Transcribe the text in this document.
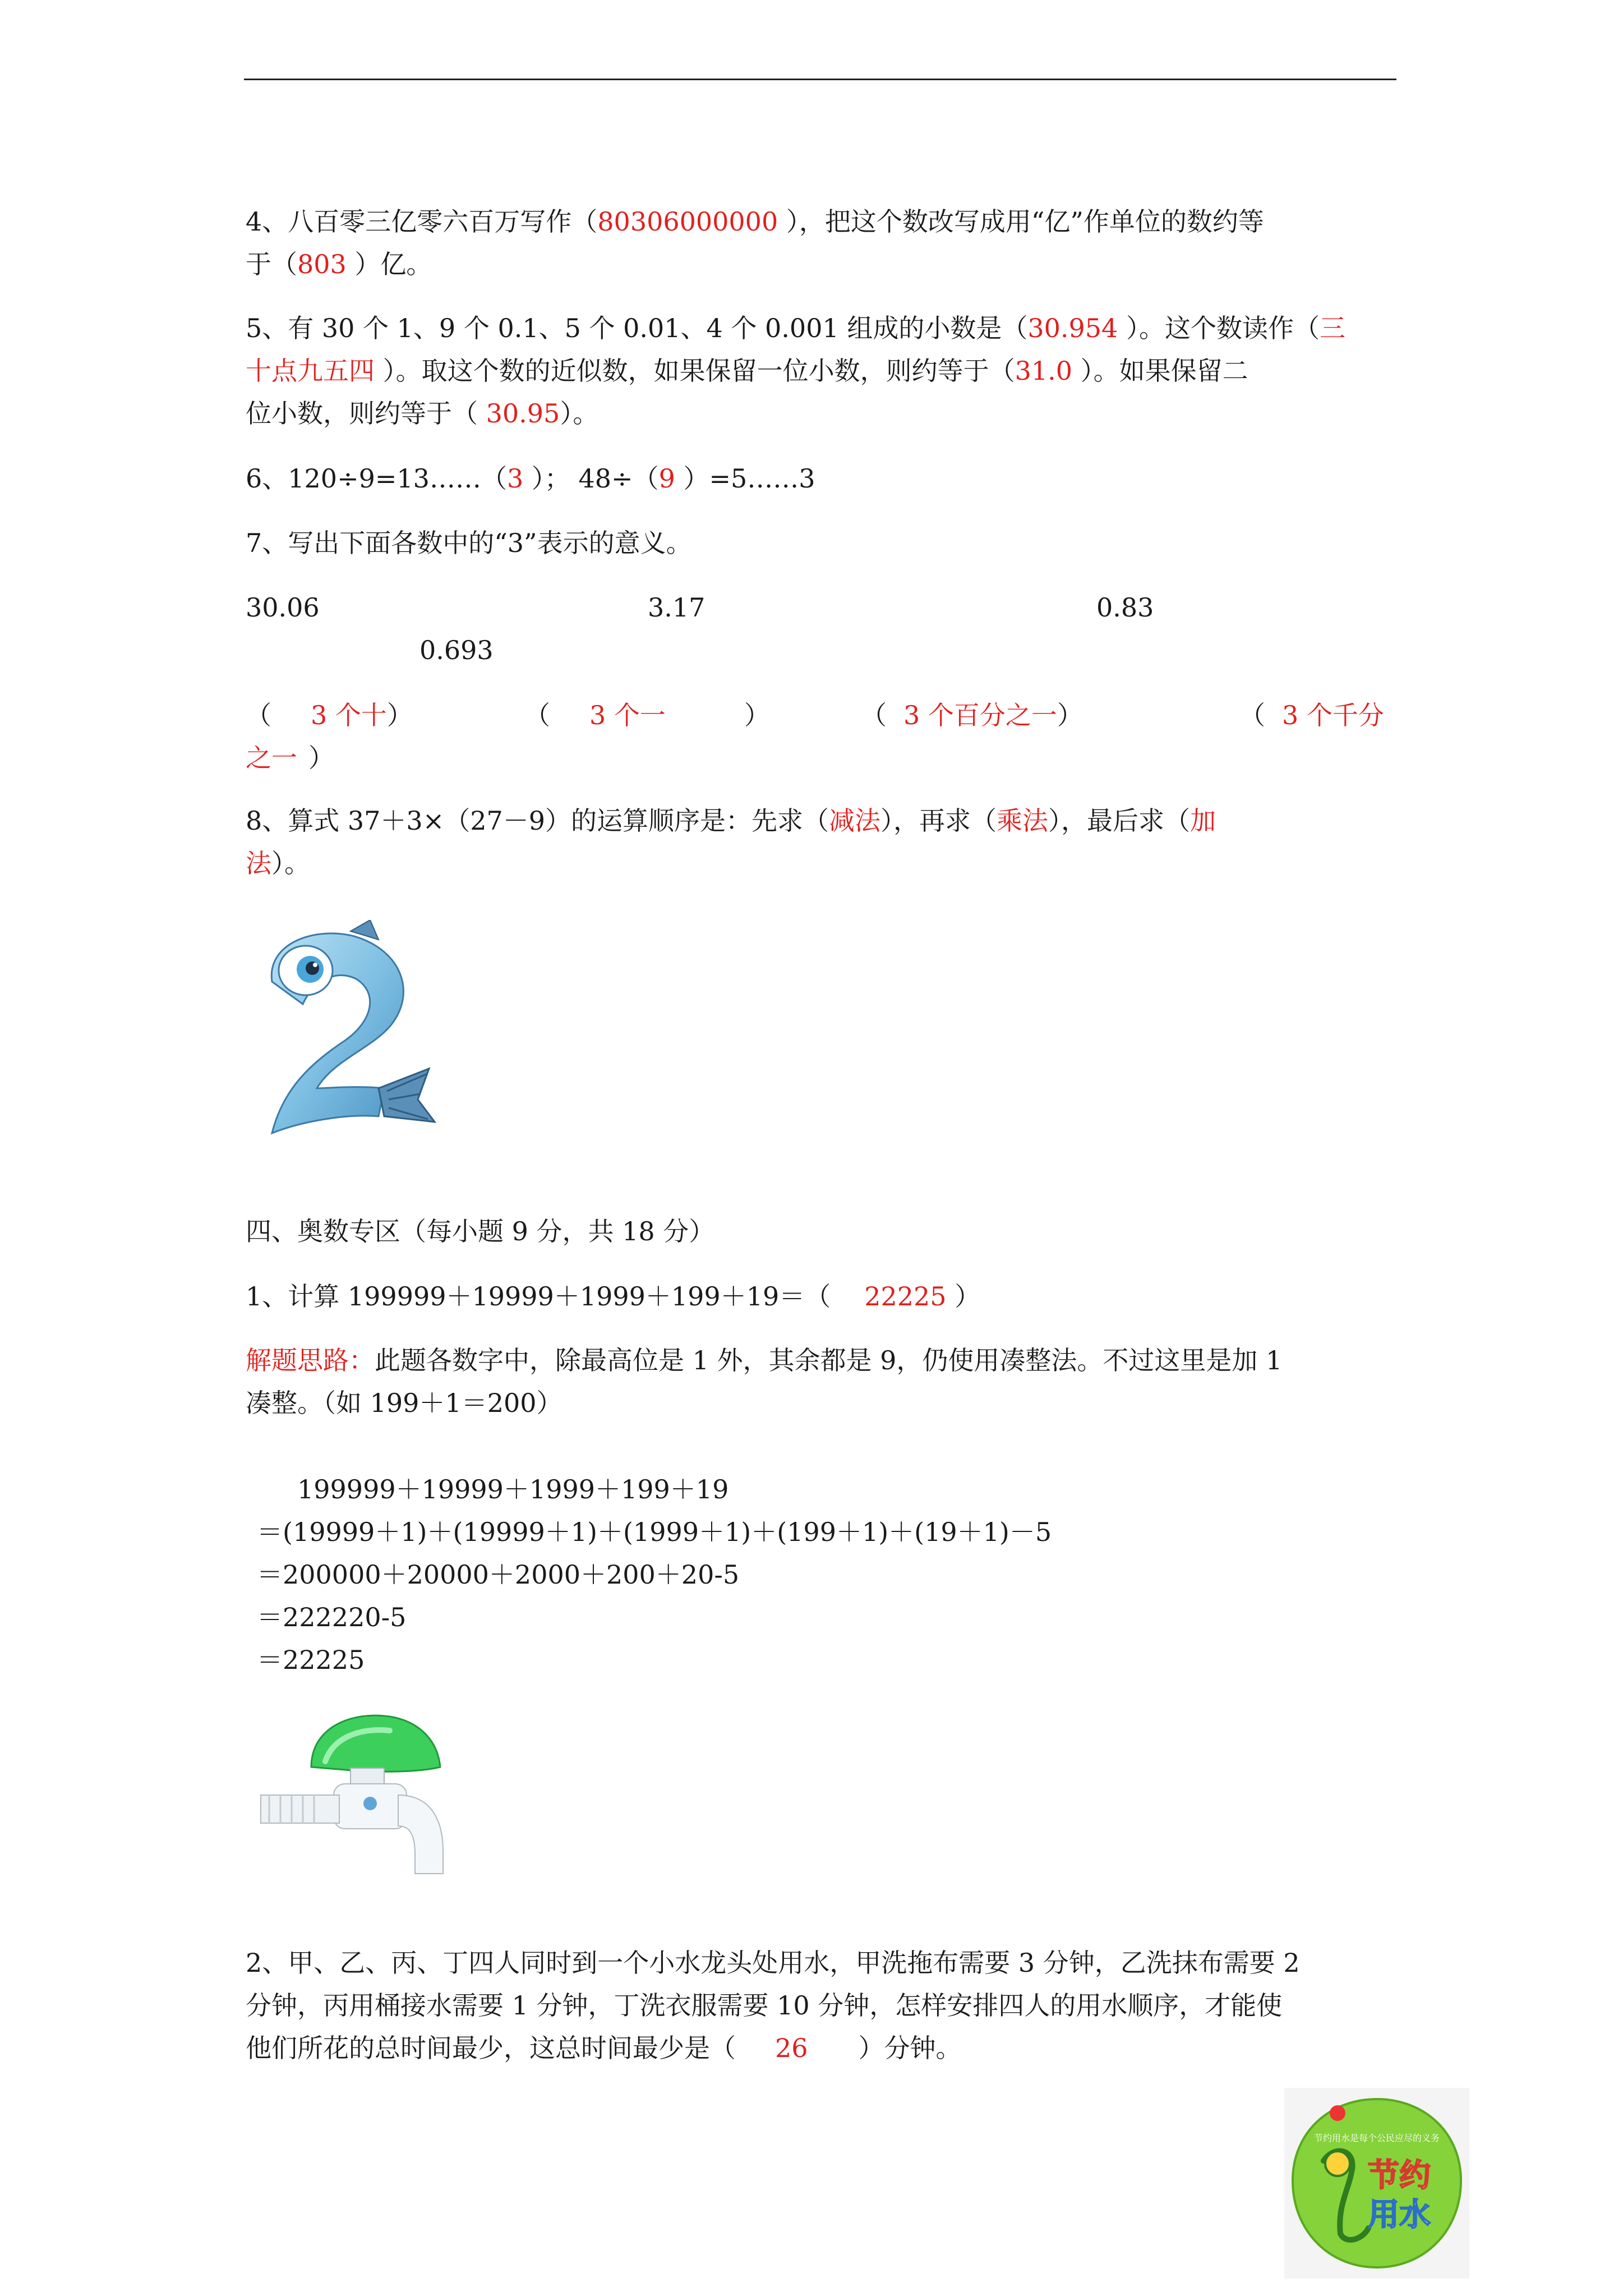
4、八百零三亿零六百万写作（80306000000 ），把这个数改写成用“亿”作单位的数约等
于（803 ）亿。
5、有 30 个 1、9 个 0.1、5 个 0.01、4 个 0.001 组成的小数是（30.954 ）。这个数读作（三
十点九五四 ）。取这个数的近似数，如果保留一位小数，则约等于（31.0 ）。如果保留二
位小数，则约等于（ 30.95）。
6、120÷9=13……（3 ）； 48÷（9 ）=5……3
7、写出下面各数中的“3”表示的意义。
30.06	3.17	0.83
0.693
（ 3 个十）	（ 3 个一	）	（ 3 个百分之一）	（ 3 个千分
之一 ）
8、算式 37＋3×（27－9）的运算顺序是：先求（减法），再求（乘法），最后求（加
法）。
四、奥数专区（每小题 9 分，共 18 分）
1、计算 199999＋19999＋1999＋199＋19＝（ 22225 ）
解题思路：此题各数字中，除最高位是 1 外，其余都是 9，仍使用凑整法。不过这里是加 1
凑整。（如 199＋1＝200）
199999＋19999＋1999＋199＋19
＝(19999＋1)＋(19999＋1)＋(1999＋1)＋(199＋1)＋(19＋1)－5
＝200000＋20000＋2000＋200＋20-5
＝222220-5
＝22225
2、甲、乙、丙、丁四人同时到一个小水龙头处用水，甲洗拖布需要 3 分钟，乙洗抹布需要 2
分钟，丙用桶接水需要 1 分钟，丁洗衣服需要 10 分钟，怎样安排四人的用水顺序，才能使
他们所花的总时间最少，这总时间最少是（ 26 ）分钟。
节约用水是每个公民应尽的义务
节约
用水
